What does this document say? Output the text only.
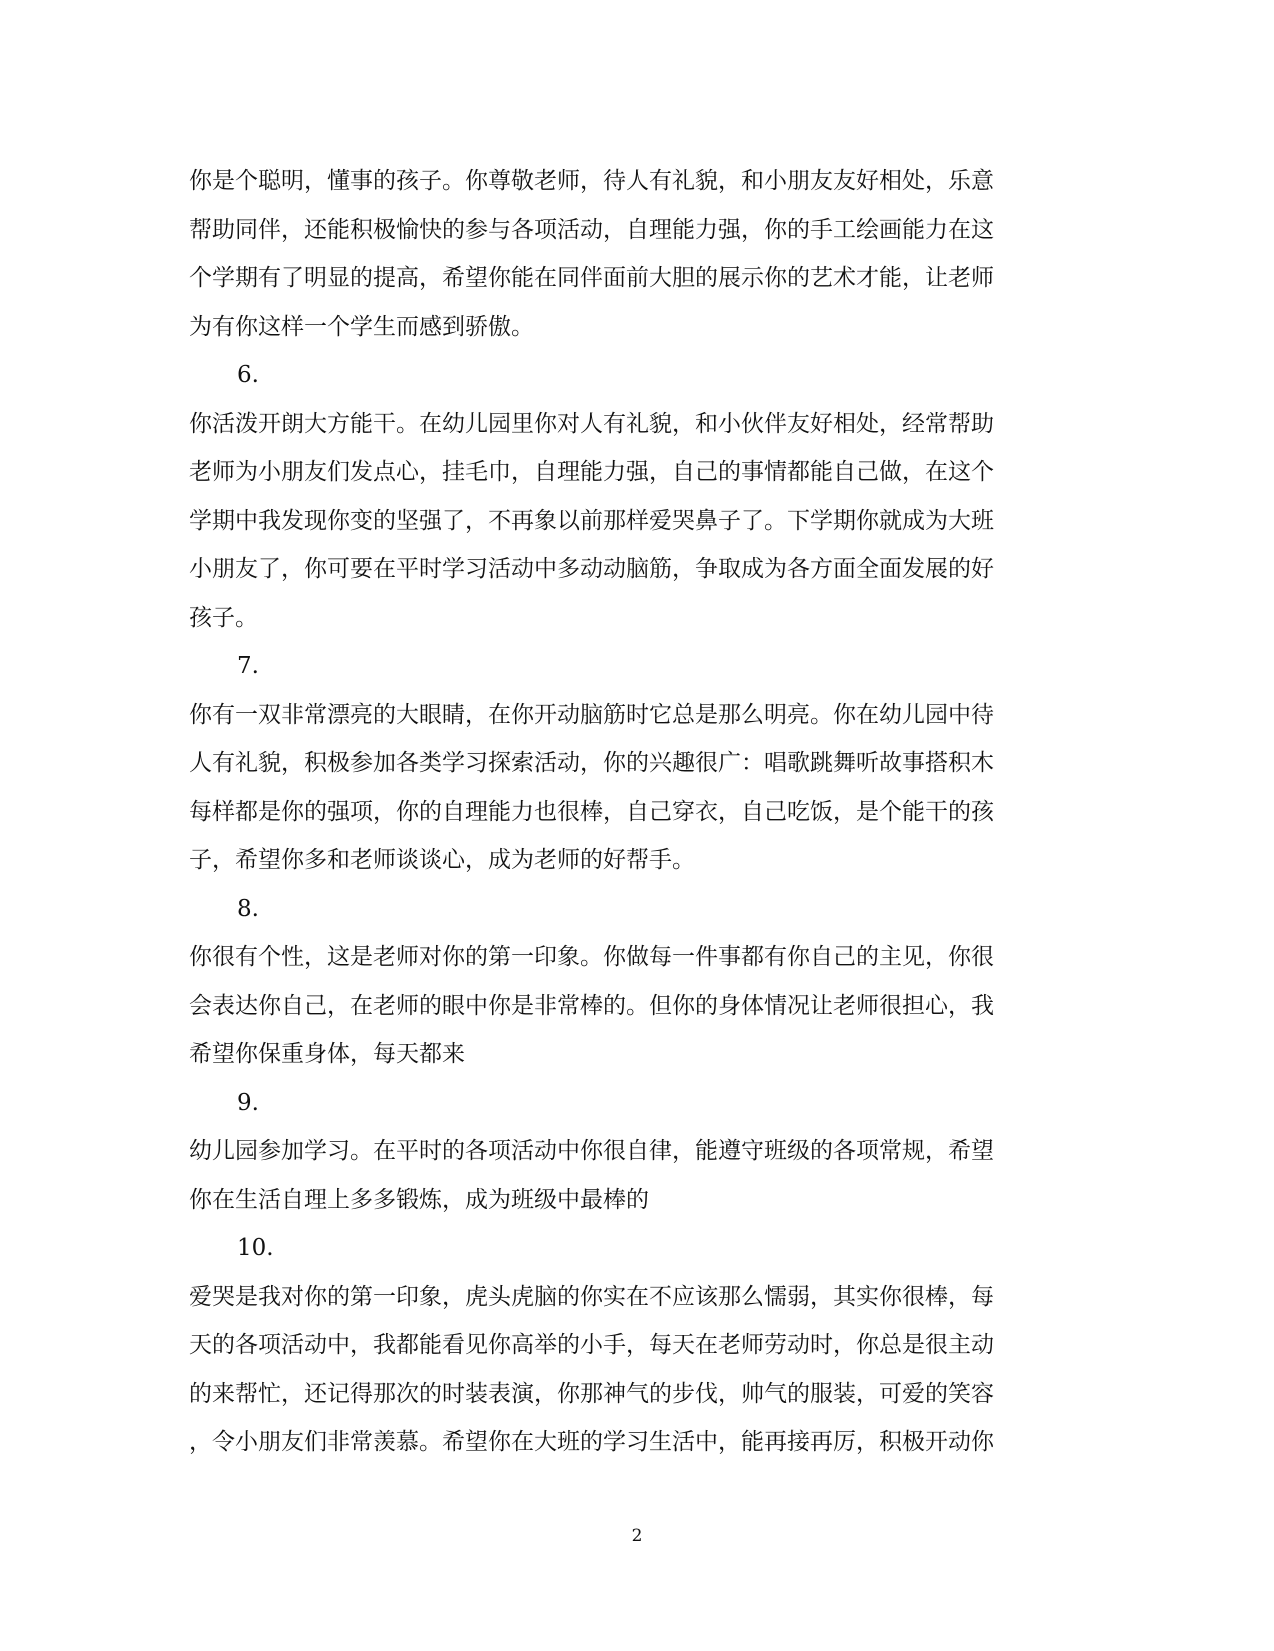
你是个聪明，懂事的孩子。你尊敬老师，待人有礼貌，和小朋友友好相处，乐意
帮助同伴，还能积极愉快的参与各项活动，自理能力强，你的手工绘画能力在这
个学期有了明显的提高，希望你能在同伴面前大胆的展示你的艺术才能，让老师
为有你这样一个学生而感到骄傲。
6.
你活泼开朗大方能干。在幼儿园里你对人有礼貌，和小伙伴友好相处，经常帮助
老师为小朋友们发点心，挂毛巾，自理能力强，自己的事情都能自己做，在这个
学期中我发现你变的坚强了，不再象以前那样爱哭鼻子了。下学期你就成为大班
小朋友了，你可要在平时学习活动中多动动脑筋，争取成为各方面全面发展的好
孩子。
7.
你有一双非常漂亮的大眼睛，在你开动脑筋时它总是那么明亮。你在幼儿园中待
人有礼貌，积极参加各类学习探索活动，你的兴趣很广：唱歌跳舞听故事搭积木
每样都是你的强项，你的自理能力也很棒，自己穿衣，自己吃饭，是个能干的孩
子，希望你多和老师谈谈心，成为老师的好帮手。
8.
你很有个性，这是老师对你的第一印象。你做每一件事都有你自己的主见，你很
会表达你自己，在老师的眼中你是非常棒的。但你的身体情况让老师很担心，我
希望你保重身体，每天都来
9.
幼儿园参加学习。在平时的各项活动中你很自律，能遵守班级的各项常规，希望
你在生活自理上多多锻炼，成为班级中最棒的
10.
爱哭是我对你的第一印象，虎头虎脑的你实在不应该那么懦弱，其实你很棒，每
天的各项活动中，我都能看见你高举的小手，每天在老师劳动时，你总是很主动
的来帮忙，还记得那次的时装表演，你那神气的步伐，帅气的服装，可爱的笑容
，令小朋友们非常羡慕。希望你在大班的学习生活中，能再接再厉，积极开动你
2
